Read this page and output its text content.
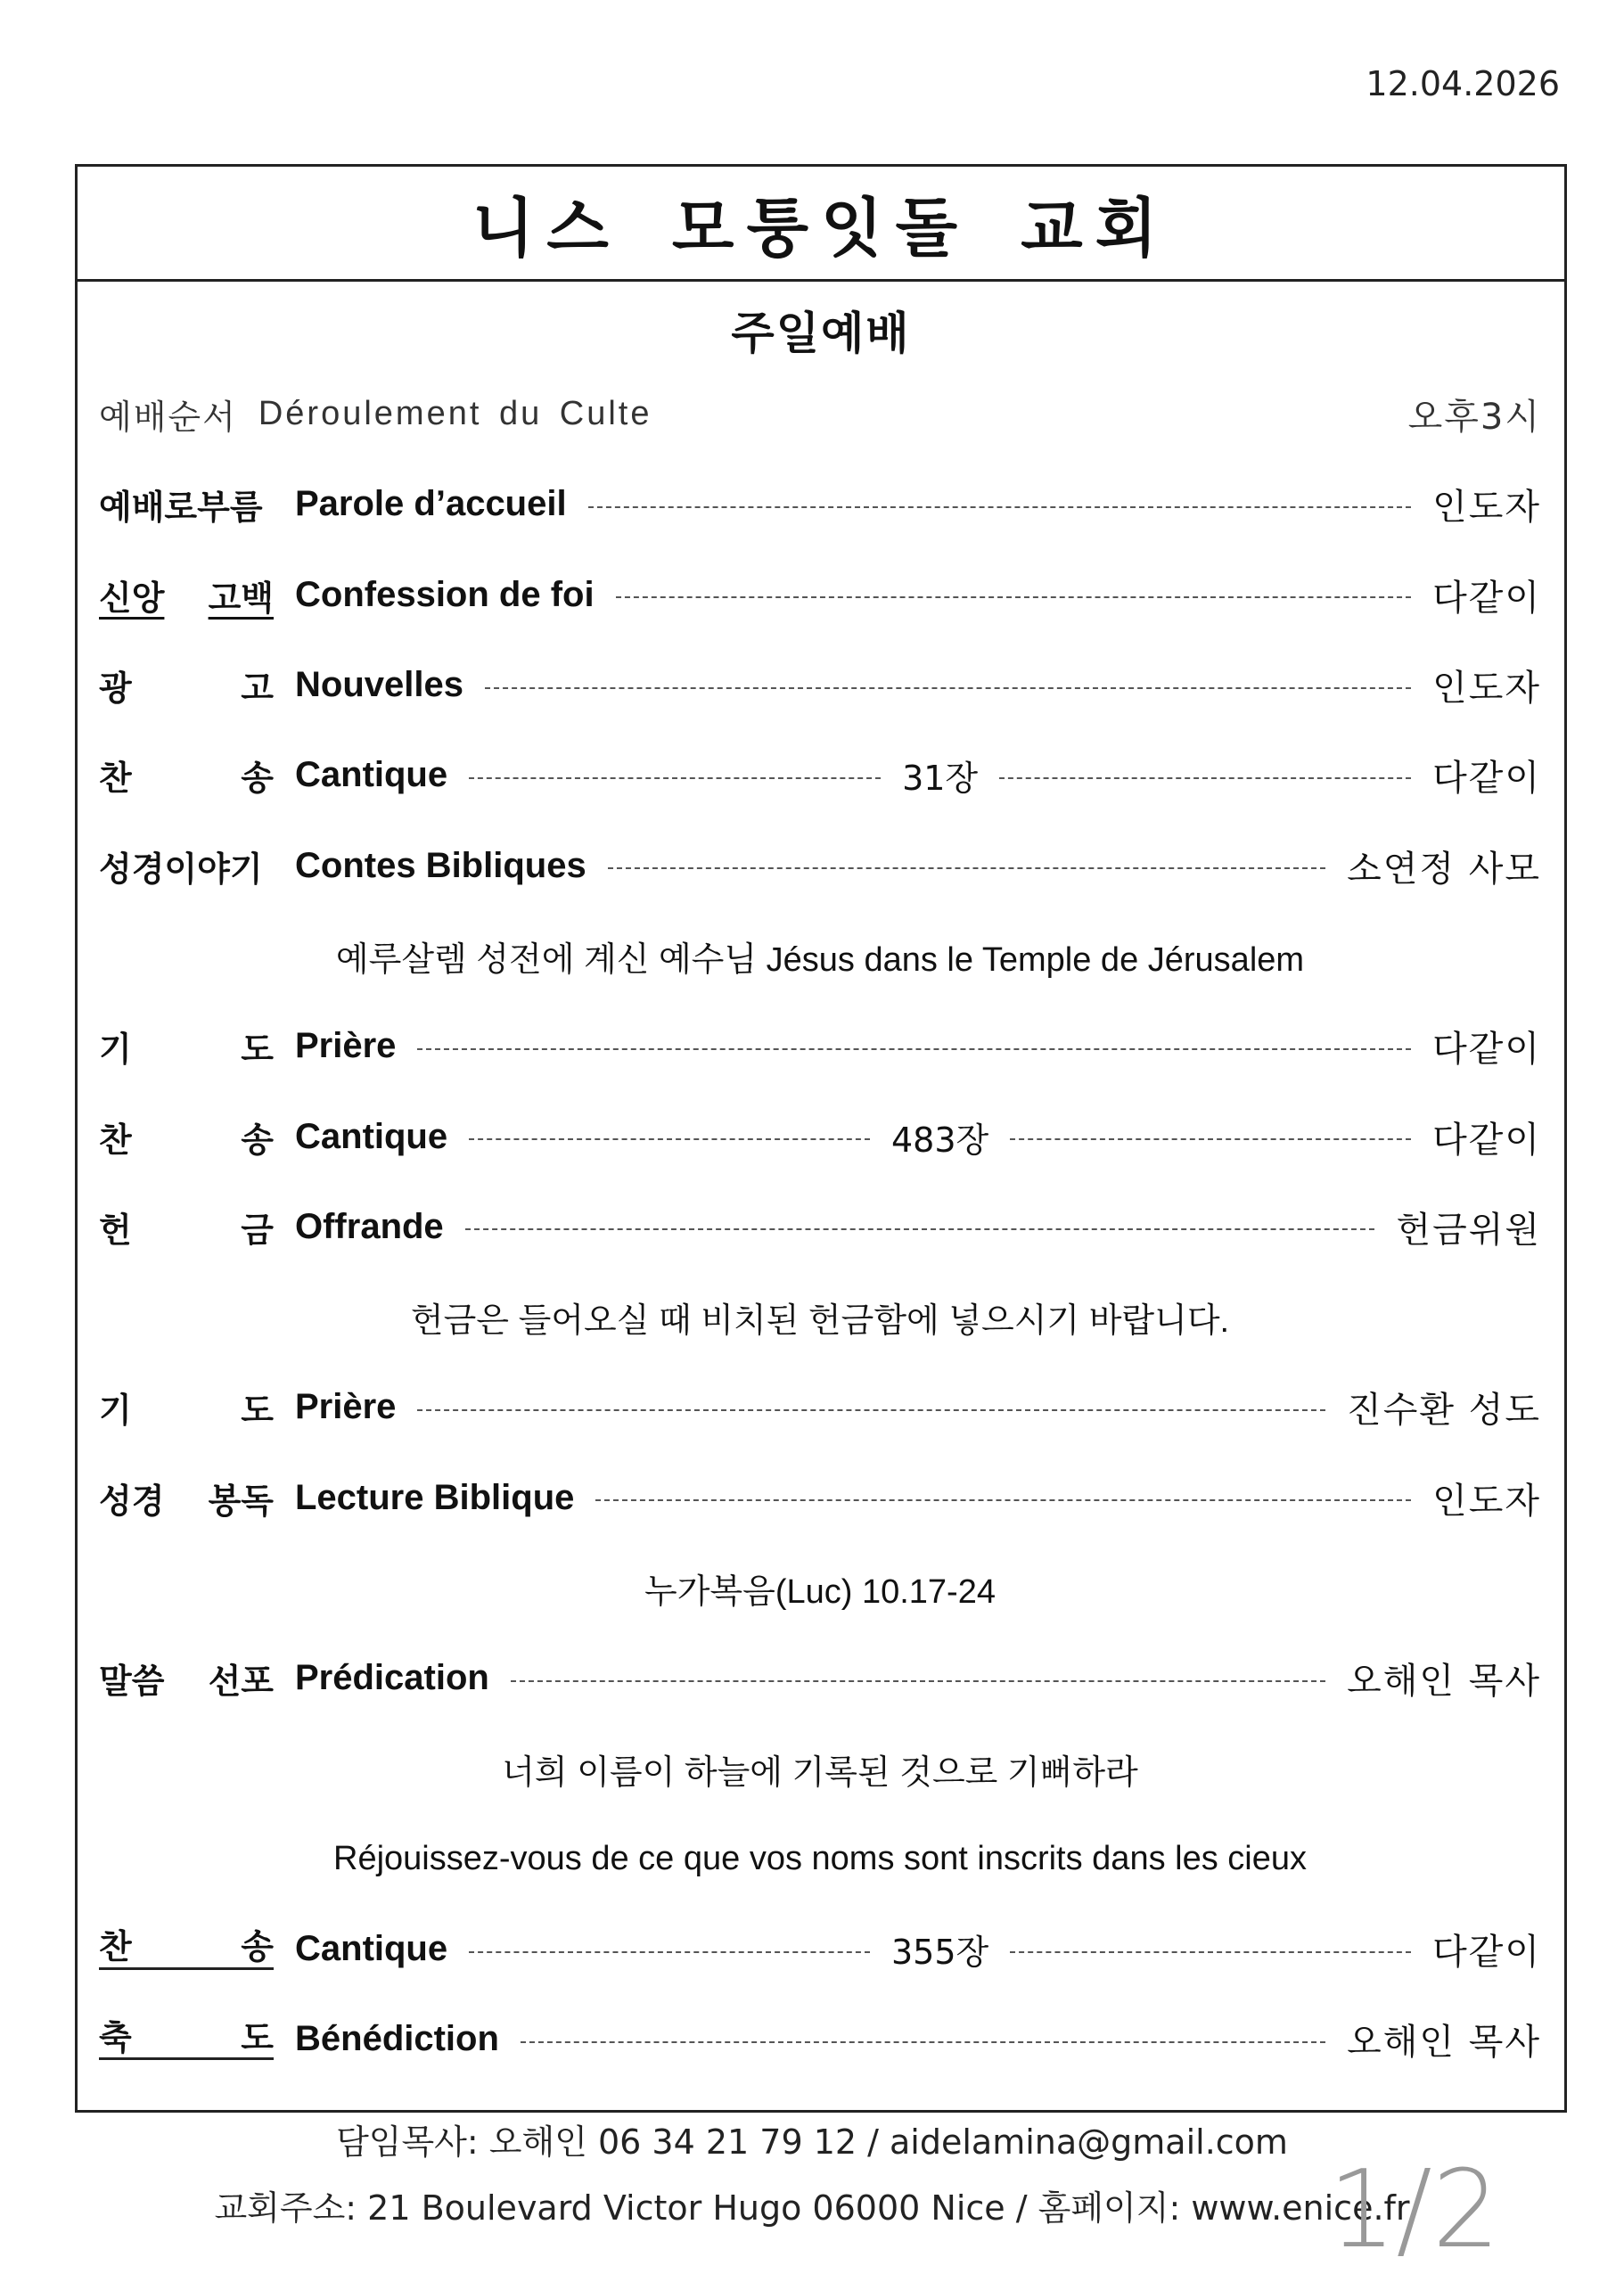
12.04.2026
니스 모퉁잇돌 교회
주일예배
예배순서 Déroulement du Culte	오후3시
예배로부름 Parole d’accueil	인도자
신앙 고백 Confession de foi	다같이
광	고 Nouvelles	인도자
찬	송 Cantique	31장	다같이
성경이야기 Contes Bibliques	소연정 사모
예루살렘 성전에 계신 예수님 Jésus dans le Temple de Jérusalem
기	도 Prière	다같이
찬	송 Cantique	483장	다같이
헌	금 Offrande	헌금위원
헌금은 들어오실 때 비치된 헌금함에 넣으시기 바랍니다.
기	도 Prière	진수환 성도
성경 봉독 Lecture Biblique	인도자
누가복음(Luc) 10.17-24
말씀 선포 Prédication	오해인 목사
너희 이름이 하늘에 기록된 것으로 기뻐하라
Réjouissez-vous de ce que vos noms sont inscrits dans les cieux
찬	송 Cantique	355장	다같이
축	도 Bénédiction	오해인 목사
담임목사: 오해인 06 34 21 79 12 / aidelamina@gmail.com
교회주소: 21 Boulevard Victor Hugo 06000 Nice / 홈페이지: www.enice.fr
1/2
